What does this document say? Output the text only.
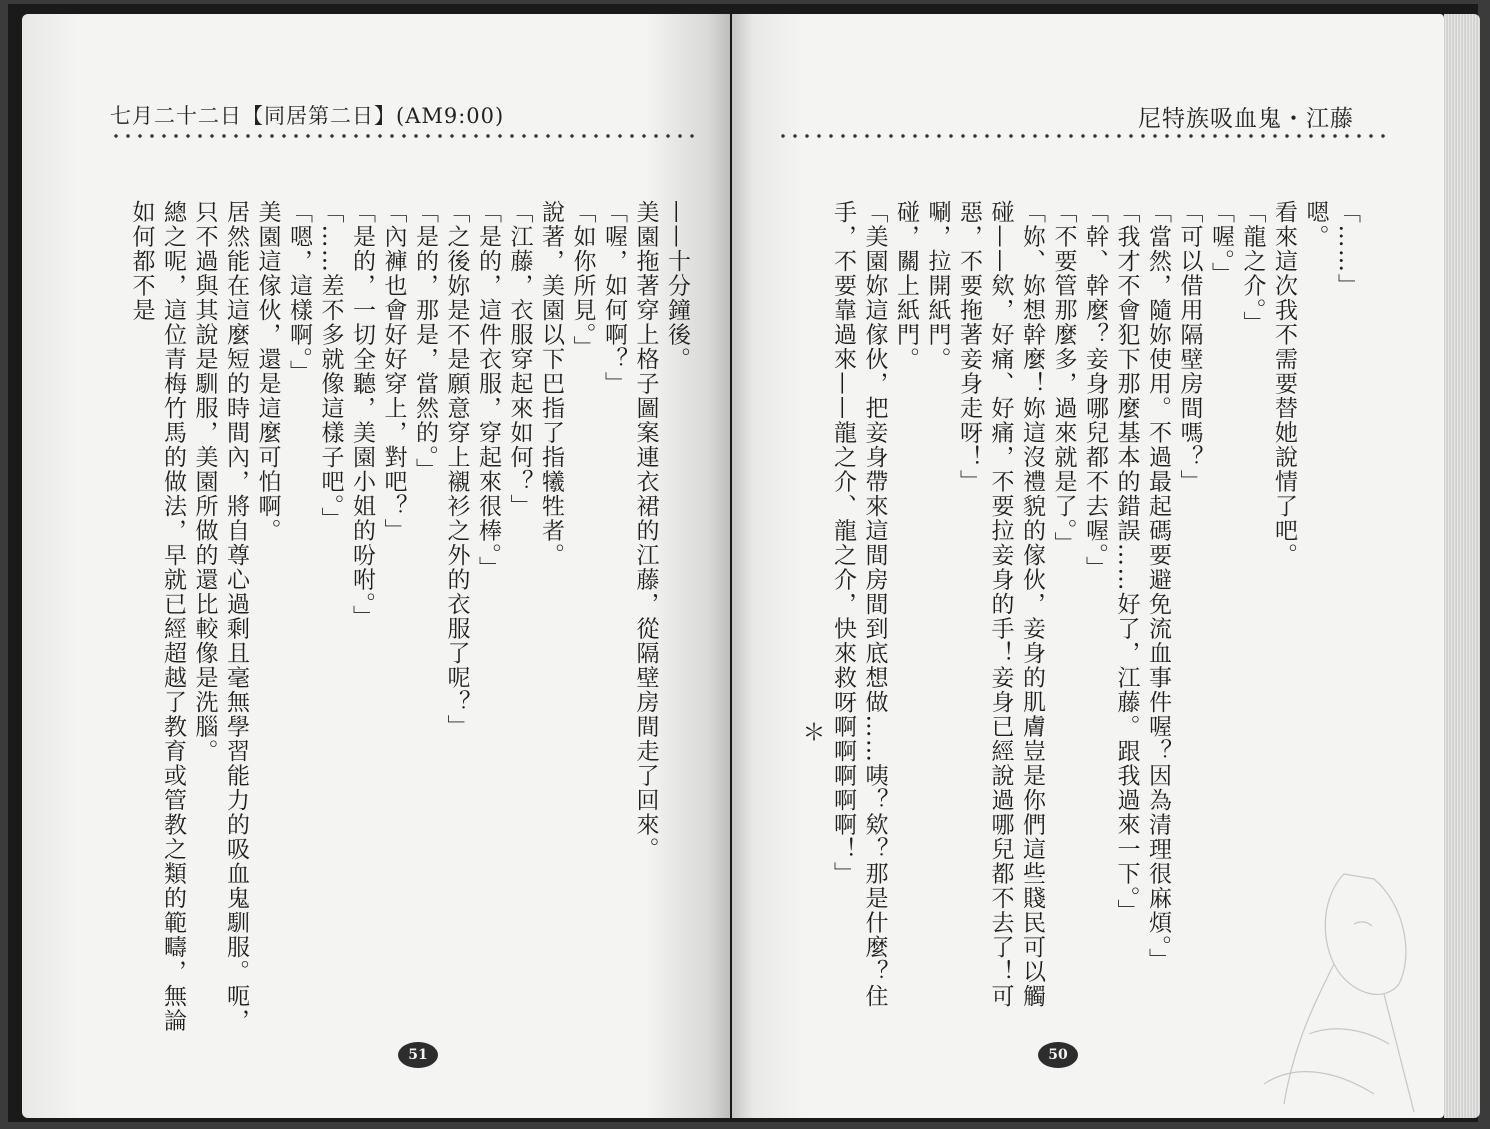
七月二十二日【同居第二日】(AM9:00)

——十分鐘後。

美園拖著穿上格子圖案連衣裙的江藤，從隔壁房間走了回來。

「喔，如何啊？」

「如你所見。」

說著，美園以下巴指了指犧牲者。

「江藤，衣服穿起來如何？」

「是的，這件衣服，穿起來很棒。」

「之後妳是不是願意穿上襯衫之外的衣服了呢？」

「是的，那是，當然的。」

「內褲也會好好穿上，對吧？」

「是的，一切全聽，美園小姐的吩咐。」

「……差不多就像這樣子吧。」

「嗯，這樣啊。」

美園這傢伙，還是這麼可怕啊。

居然能在這麼短的時間內，將自尊心過剩且毫無學習能力的吸血鬼馴服。呃，只不過與其說是馴服，美園所做的還比較像是洗腦。

總之呢，這位青梅竹馬的做法，早就已經超越了教育或管教之類的範疇，無論如何都不是

51
尼特族吸血鬼・江藤

「……」

嗯。

看來這次我不需要替她說情了吧。

「龍之介。」

「喔。」

「可以借用隔壁房間嗎？」

「當然，隨妳使用。不過最起碼要避免流血事件喔？因為清理很麻煩。」

「我才不會犯下那麼基本的錯誤……好了，江藤。跟我過來一下。」

「幹、幹麼？妾身哪兒都不去喔。」

「不要管那麼多，過來就是了。」

「妳、妳想幹麼！妳這沒禮貌的傢伙，妾身的肌膚豈是你們這些賤民可以觸碰——欸，好痛、好痛，不要拉妾身的手！妾身已經說過哪兒都不去了！可惡，不要拖著妾身走呀！」

唰，拉開紙門。

碰，關上紙門。

「美園妳這傢伙，把妾身帶來這間房間到底想做……咦？欸？那是什麼？住手，不要靠過來——龍之介、龍之介，快來救呀啊啊啊啊啊！」

＊

50
